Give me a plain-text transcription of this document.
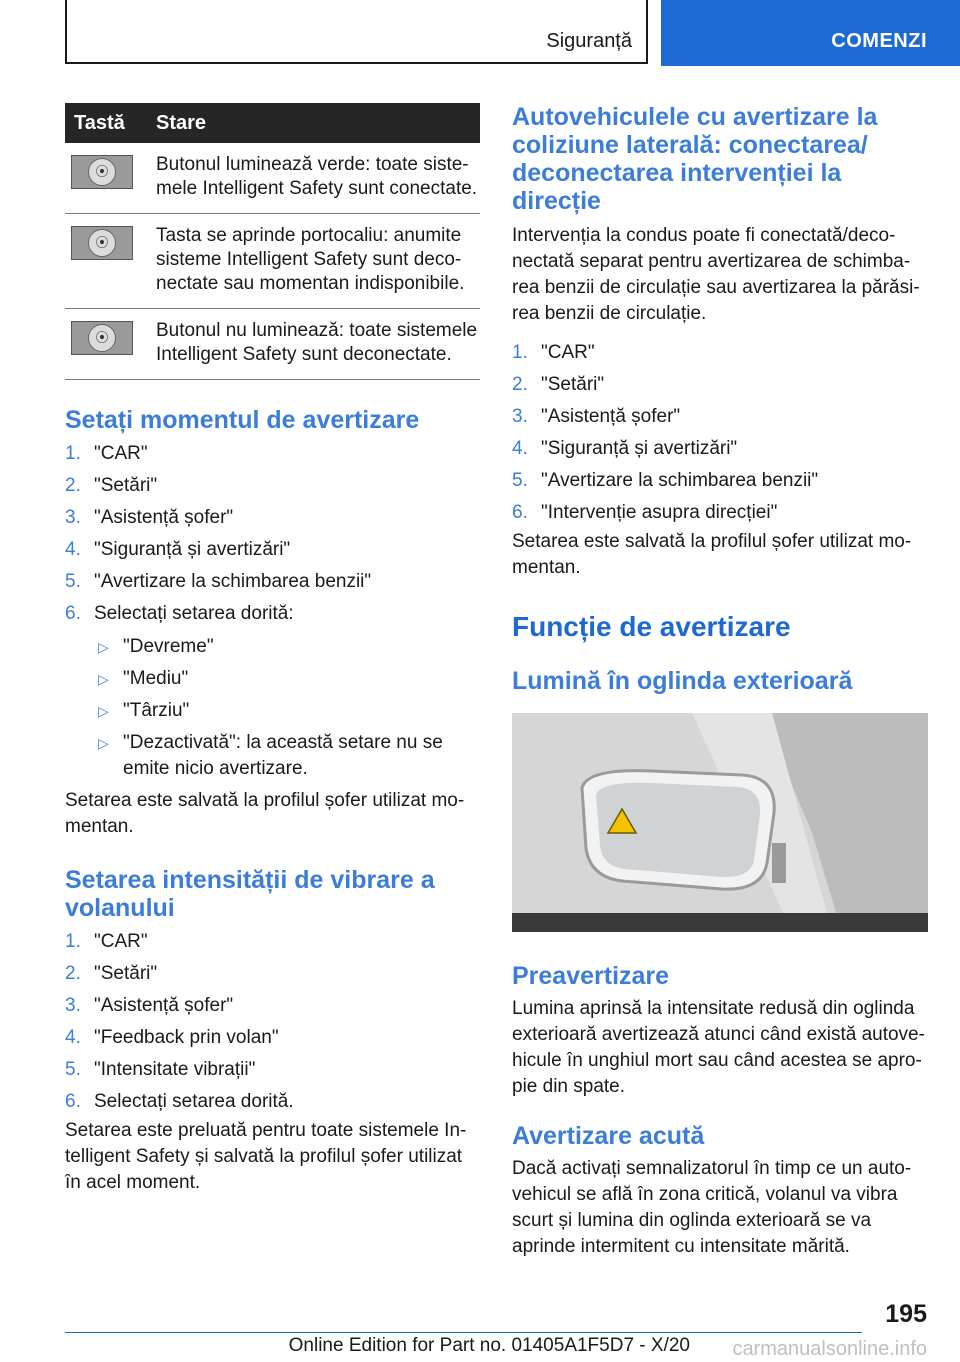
Siguranță	COMENZI
Tastă	Stare

⦿	Butonul luminează verde: toate sistemele Intelligent Safety sunt conectate.

⦿	Tasta se aprinde portocaliu: anumite sisteme Intelligent Safety sunt deconectate sau momentan indisponibile.

⦿	Butonul nu luminează: toate sistemele Intelligent Safety sunt deconectate.
Setați momentul de avertizare
1. "CAR"
2. "Setări"
3. "Asistență șofer"
4. "Siguranță și avertizări"
5. "Avertizare la schimbarea benzii"
6. Selectați setarea dorită:
▷ "Devreme"
▷ "Mediu"
▷ "Târziu"
▷ "Dezactivată": la această setare nu se emite nicio avertizare.

Setarea este salvată la profilul șofer utilizat momentan.

Setarea intensității de vibrare a volanului
1. "CAR"
2. "Setări"
3. "Asistență șofer"
4. "Feedback prin volan"
5. "Intensitate vibrații"
6. Selectați setarea dorită.

Setarea este preluată pentru toate sistemele Intelligent Safety și salvată la profilul șofer utilizat în acel moment.

Autovehiculele cu avertizare la coliziune laterală: conectarea/ deconectarea intervenției la direcție

Intervenția la condus poate fi conectată/deconectată separat pentru avertizarea de schimbarea benzii de circulație sau avertizarea la părăsirea benzii de circulație.

1. "CAR"
2. "Setări"
3. "Asistență șofer"
4. "Siguranță și avertizări"
5. "Avertizare la schimbarea benzii"
6. "Intervenție asupra direcției"

Setarea este salvată la profilul șofer utilizat momentan.

Funcție de avertizare
Lumină în oglinda exterioară
Preavertizare

Lumina aprinsă la intensitate redusă din oglinda exterioară avertizează atunci când există autovehicule în unghiul mort sau când acestea se apropie din spate.

Avertizare acută

Dacă activați semnalizatorul în timp ce un autovehicul se află în zona critică, volanul va vibra scurt și lumina din oglinda exterioară se va aprinde intermitent cu intensitate mărită.

195
Online Edition for Part no. 01405A1F5D7 - X/20 carmanualsonline.info
